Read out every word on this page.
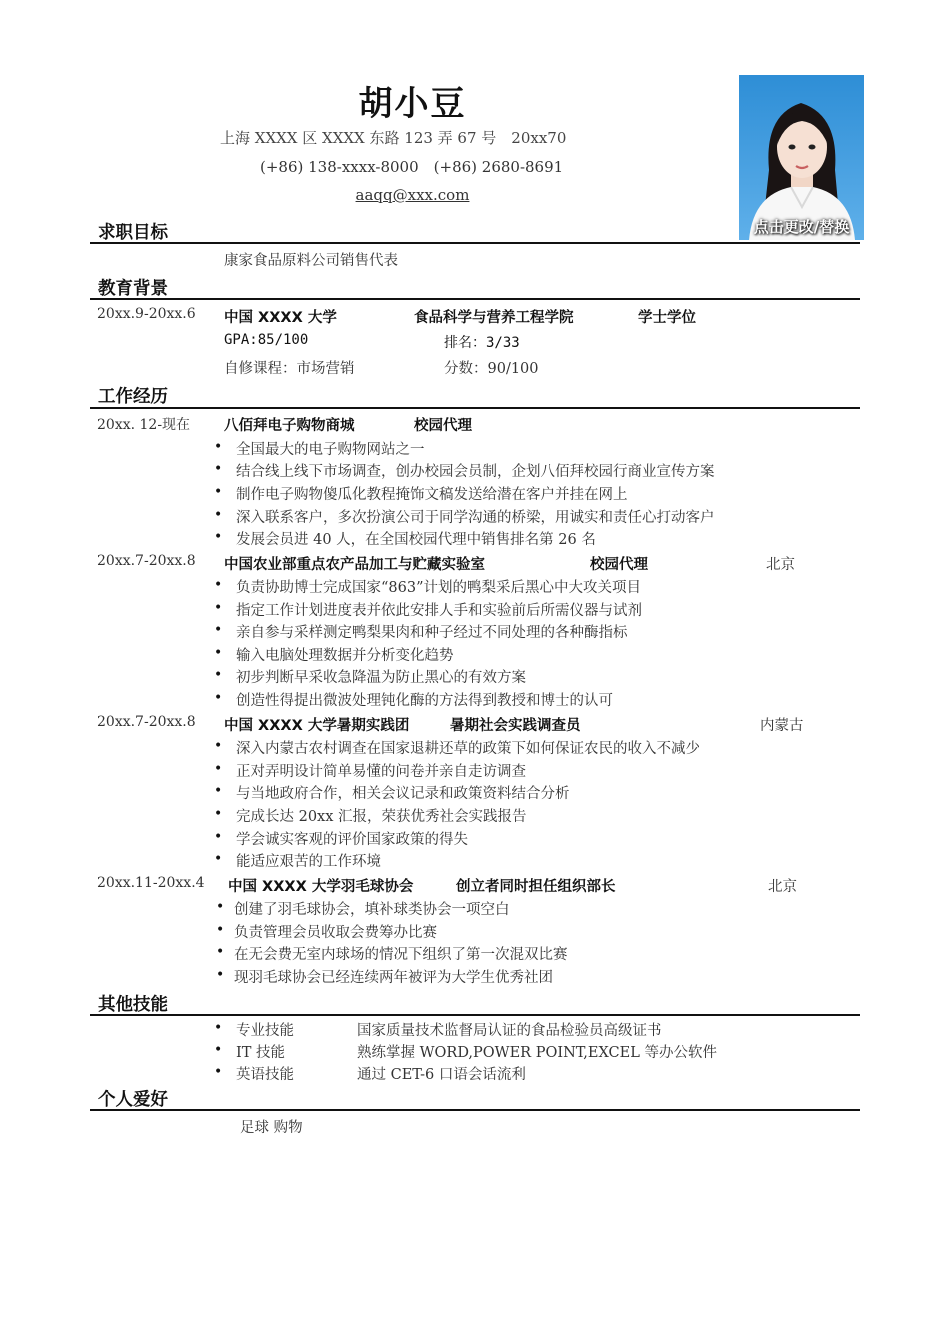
胡小豆
上海 XXXX 区 XXXX 东路 123 弄 67 号　20xx70
(+86) 138-xxxx-8000　(+86) 2680-8691
aaqq@xxx.com
点击更改/替换
求职目标
康家食品原料公司销售代表
教育背景
20xx.9-20xx.6 中国 XXXX 大学	食品科学与营养工程学院	学士学位
GPA:85/100	排名：3/33
自修课程：市场营销	分数：90/100
工作经历
20xx. 12-现在 八佰拜电子购物商城	校园代理
• 全国最大的电子购物网站之一
• 结合线上线下市场调查，创办校园会员制，企划八佰拜校园行商业宣传方案
• 制作电子购物傻瓜化教程掩饰文稿发送给潜在客户并挂在网上
• 深入联系客户，多次扮演公司于同学沟通的桥梁，用诚实和责任心打动客户
• 发展会员进 40 人，在全国校园代理中销售排名第 26 名
20xx.7-20xx.8 中国农业部重点农产品加工与贮藏实验室	校园代理	北京
• 负责协助博士完成国家“863”计划的鸭梨采后黑心中大攻关项目
• 指定工作计划进度表并依此安排人手和实验前后所需仪器与试剂
• 亲自参与采样测定鸭梨果肉和种子经过不同处理的各种酶指标
• 输入电脑处理数据并分析变化趋势
• 初步判断早采收急降温为防止黑心的有效方案
• 创造性得提出微波处理钝化酶的方法得到教授和博士的认可
20xx.7-20xx.8 中国 XXXX 大学暑期实践团	暑期社会实践调查员	内蒙古
• 深入内蒙古农村调查在国家退耕还草的政策下如何保证农民的收入不减少
• 正对弄明设计简单易懂的问卷并亲自走访调查
• 与当地政府合作，相关会议记录和政策资料结合分析
• 完成长达 20xx 汇报，荣获优秀社会实践报告
• 学会诚实客观的评价国家政策的得失
• 能适应艰苦的工作环境
20xx.11-20xx.4 中国 XXXX 大学羽毛球协会	创立者同时担任组织部长	北京
• 创建了羽毛球协会，填补球类协会一项空白
• 负责管理会员收取会费筹办比赛
• 在无会费无室内球场的情况下组织了第一次混双比赛
• 现羽毛球协会已经连续两年被评为大学生优秀社团
其他技能
• 专业技能	国家质量技术监督局认证的食品检验员高级证书
• IT 技能	熟练掌握 WORD,POWER POINT,EXCEL 等办公软件
• 英语技能	通过 CET-6 口语会话流利
个人爱好
足球 购物
